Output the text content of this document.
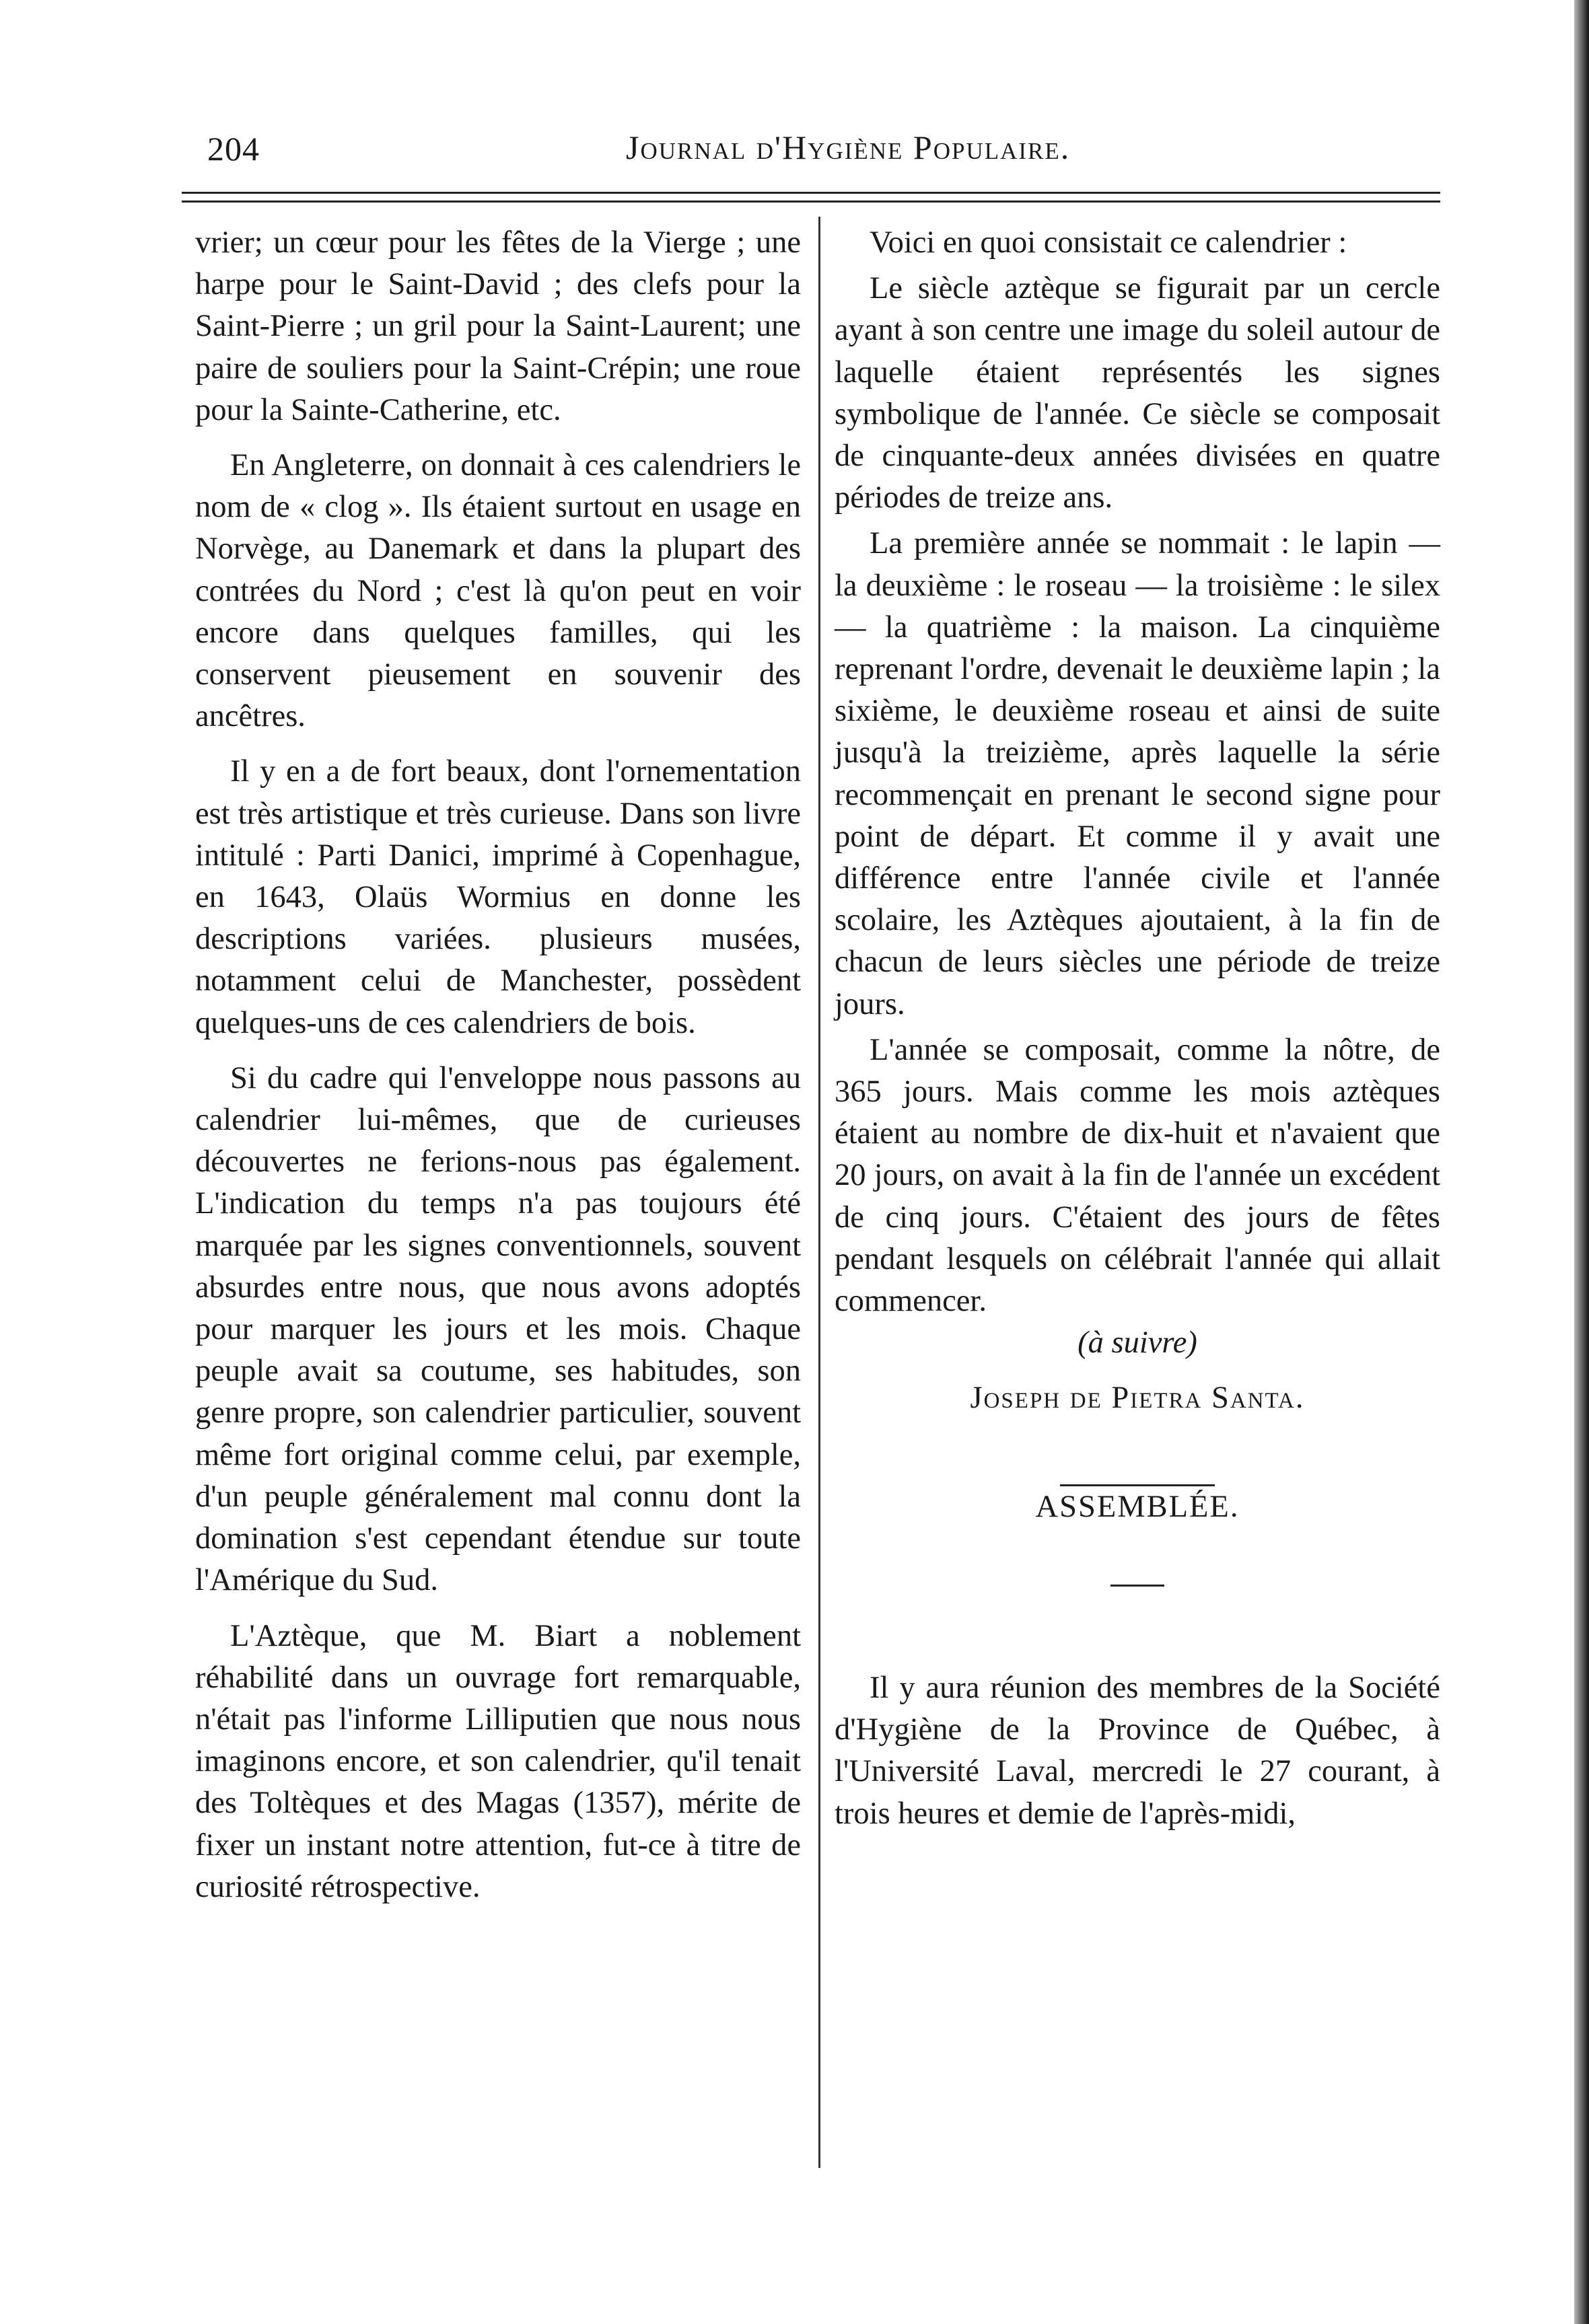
204	Journal d'Hygiène Populaire.

vrier; un cœur pour les fêtes de la Vierge ; une harpe pour le Saint-David ; des clefs pour la Saint-Pierre ; un gril pour la Saint-Laurent; une paire de souliers pour la Saint-Crépin; une roue pour la Sainte-Catherine, etc.

En Angleterre, on donnait à ces calendriers le nom de « clog ». Ils étaient surtout en usage en Norvège, au Danemark et dans la plupart des contrées du Nord ; c'est là qu'on peut en voir encore dans quelques familles, qui les conservent pieusement en souvenir des ancêtres.

Il y en a de fort beaux, dont l'ornementation est très artistique et très curieuse. Dans son livre intitulé : Parti Danici, imprimé à Copenhague, en 1643, Olaüs Wormius en donne les descriptions variées. plusieurs musées, notamment celui de Manchester, possèdent quelques-uns de ces calendriers de bois.

Si du cadre qui l'enveloppe nous passons au calendrier lui-mêmes, que de curieuses découvertes ne ferions-nous pas également. L'indication du temps n'a pas toujours été marquée par les signes conventionnels, souvent absurdes entre nous, que nous avons adoptés pour marquer les jours et les mois. Chaque peuple avait sa coutume, ses habitudes, son genre propre, son calendrier particulier, souvent même fort original comme celui, par exemple, d'un peuple généralement mal connu dont la domination s'est cependant étendue sur toute l'Amérique du Sud.

L'Aztèque, que M. Biart a noblement réhabilité dans un ouvrage fort remarquable, n'était pas l'informe Lilliputien que nous nous imaginons encore, et son calendrier, qu'il tenait des Toltèques et des Magas (1357), mérite de fixer un instant notre attention, fut-ce à titre de curiosité rétrospective.

Voici en quoi consistait ce calendrier :

Le siècle aztèque se figurait par un cercle ayant à son centre une image du soleil autour de laquelle étaient représentés les signes symbolique de l'année. Ce siècle se composait de cinquante-deux années divisées en quatre périodes de treize ans.

La première année se nommait : le lapin — la deuxième : le roseau — la troisième : le silex — la quatrième : la maison. La cinquième reprenant l'ordre, devenait le deuxième lapin ; la sixième, le deuxième roseau et ainsi de suite jusqu'à la treizième, après laquelle la série recommençait en prenant le second signe pour point de départ. Et comme il y avait une différence entre l'année civile et l'année scolaire, les Aztèques ajoutaient, à la fin de chacun de leurs siècles une période de treize jours.

L'année se composait, comme la nôtre, de 365 jours. Mais comme les mois aztèques étaient au nombre de dix-huit et n'avaient que 20 jours, on avait à la fin de l'année un excédent de cinq jours. C'étaient des jours de fêtes pendant lesquels on célébrait l'année qui allait commencer.

(à suivre)

Joseph de Pietra Santa.

ASSEMBLÉE.

Il y aura réunion des membres de la Société d'Hygiène de la Province de Québec, à l'Université Laval, mercredi le 27 courant, à trois heures et demie de l'après-midi,
